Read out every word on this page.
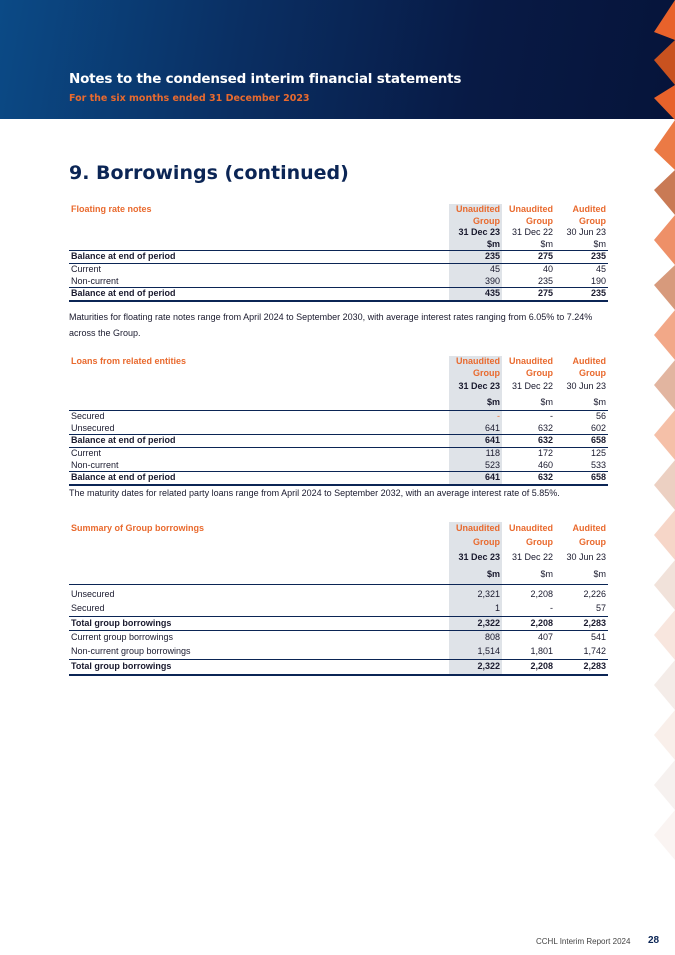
Notes to the condensed interim financial statements
For the six months ended 31 December 2023
9. Borrowings (continued)
Floating rate notes	Unaudited	Unaudited	Audited
	Group	Group	Group
	31 Dec 23	31 Dec 22	30 Jun 23
	$m	$m	$m
Balance at end of period	235	275	235
Current	45	40	45
Non-current	390	235	190
Balance at end of period	435	275	235
Maturities for floating rate notes range from April 2024 to September 2030, with average interest rates ranging from 6.05% to 7.24% across the Group.
Loans from related entities	Unaudited	Unaudited	Audited
	Group	Group	Group
	31 Dec 23	31 Dec 22	30 Jun 23
	$m	$m	$m
Secured	-	-	56
Unsecured	641	632	602
Balance at end of period	641	632	658
Current	118	172	125
Non-current	523	460	533
Balance at end of period	641	632	658
The maturity dates for related party loans range from April 2024 to September 2032, with an average interest rate of 5.85%.
Summary of Group borrowings	Unaudited	Unaudited	Audited
	Group	Group	Group
	31 Dec 23	31 Dec 22	30 Jun 23
	$m	$m	$m
Unsecured	2,321	2,208	2,226
Secured	1	-	57
Total group borrowings	2,322	2,208	2,283
Current group borrowings	808	407	541
Non-current group borrowings	1,514	1,801	1,742
Total group borrowings	2,322	2,208	2,283
CCHL Interim Report 2024 28
